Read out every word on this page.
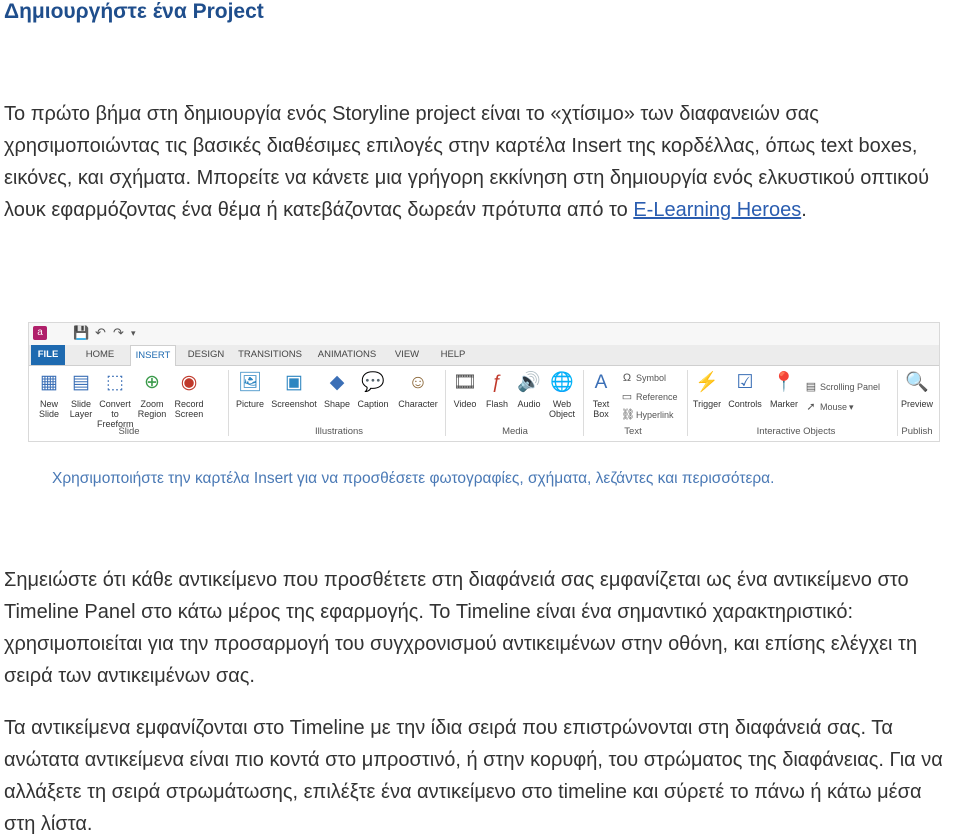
Δημιουργήστε ένα Project

Το πρώτο βήμα στη δημιουργία ενός Storyline project είναι το «χτίσιμο» των διαφανειών σας χρησιμοποιώντας τις βασικές διαθέσιμες επιλογές στην καρτέλα Insert της κορδέλλας, όπως text boxes, εικόνες, και σχήματα. Μπορείτε να κάνετε μια γρήγορη εκκίνηση στη δημιουργία ενός ελκυστικού οπτικού λουκ εφαρμόζοντας ένα θέμα ή κατεβάζοντας δωρεάν πρότυπα από το E-Learning Heroes.

a	💾 ↶ ↷ ▾
FILE	HOME	INSERT	DESIGN	TRANSITIONS	ANIMATIONS	VIEW	HELP
▦
New Slide
▤
Slide Layer
⬚
Convert to Freeform
⊕
Zoom Region
◉
Record Screen
Slide
🖼
Picture
▣
Screenshot
◆
Shape
💬
Caption
☺
Character
Illustrations
🎞
Video
ƒ
Flash
🔊
Audio
🌐
Web Object
Media
A
Text Box
Ω Symbol
▭ Reference
⛓Hyperlink
Text
⚡
Trigger
☑
Controls
📍
Marker
▤ Scrolling Panel
➚ Mouse ▾
Interactive Objects
🔍
Preview
Publish

Χρησιμοποιήστε την καρτέλα Insert για να προσθέσετε φωτογραφίες, σχήματα, λεζάντες και περισσότερα.

Σημειώστε ότι κάθε αντικείμενο που προσθέτετε στη διαφάνειά σας εμφανίζεται ως ένα αντικείμενο στο Timeline Panel στο κάτω μέρος της εφαρμογής. Το Timeline είναι ένα σημαντικό χαρακτηριστικό: χρησιμοποιείται για την προσαρμογή του συγχρονισμού αντικειμένων στην οθόνη, και επίσης ελέγχει τη σειρά των αντικειμένων σας.

Τα αντικείμενα εμφανίζονται στο Timeline με την ίδια σειρά που επιστρώνονται στη διαφάνειά σας. Τα ανώτατα αντικείμενα είναι πιο κοντά στο μπροστινό, ή στην κορυφή, του στρώματος της διαφάνειας. Για να αλλάξετε τη σειρά στρωμάτωσης, επιλέξτε ένα αντικείμενο στο timeline και σύρετέ το πάνω ή κάτω μέσα στη λίστα.
